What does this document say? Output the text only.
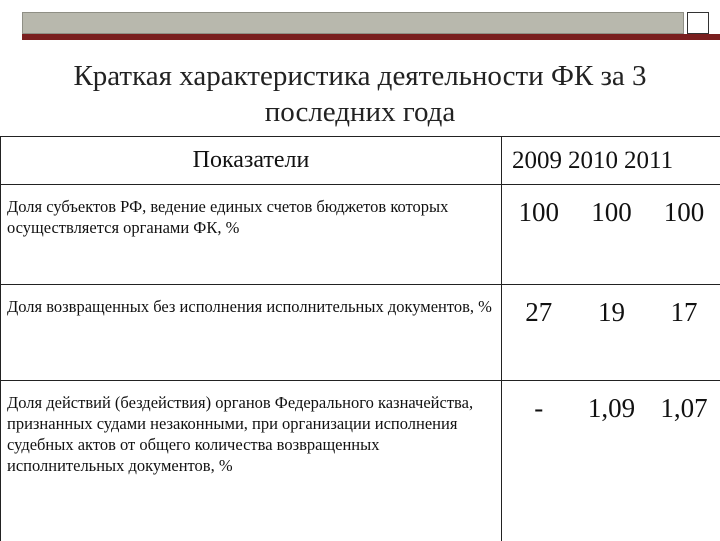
Краткая характеристика деятельности ФК за 3
последних года
Показатели	2009 2010 2011		
Доля субъектов РФ, ведение единых счетов бюджетов которых осуществляется органами ФК, %	100	100	100
Доля возвращенных без исполнения исполнительных документов, %	27	19	17
Доля действий (бездействия) органов Федерального казначейства, признанных судами незаконными, при организации исполнения судебных актов от общего количества возвращенных исполнительных документов, %	-	1,09	1,07
